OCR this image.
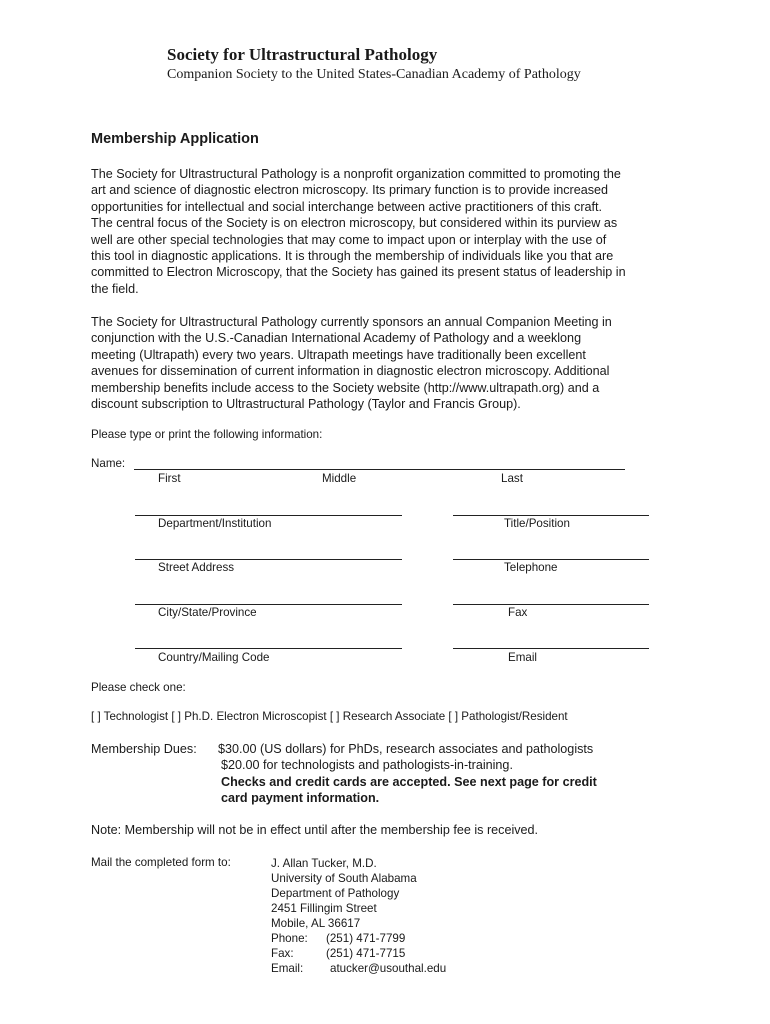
Society for Ultrastructural Pathology
Companion Society to the United States-Canadian Academy of Pathology
Membership Application
The Society for Ultrastructural Pathology is a nonprofit organization committed to promoting the
art and science of diagnostic electron microscopy. Its primary function is to provide increased
opportunities for intellectual and social interchange between active practitioners of this craft.
The central focus of the Society is on electron microscopy, but considered within its purview as
well are other special technologies that may come to impact upon or interplay with the use of
this tool in diagnostic applications. It is through the membership of individuals like you that are
committed to Electron Microscopy, that the Society has gained its present status of leadership in
the field.
The Society for Ultrastructural Pathology currently sponsors an annual Companion Meeting in
conjunction with the U.S.-Canadian International Academy of Pathology and a weeklong
meeting (Ultrapath) every two years. Ultrapath meetings have traditionally been excellent
avenues for dissemination of current information in diagnostic electron microscopy. Additional
membership benefits include access to the Society website (http://www.ultrapath.org) and a
discount subscription to Ultrastructural Pathology (Taylor and Francis Group).
Please type or print the following information:
Name:
First	Middle	Last
Department/Institution	Title/Position
Street Address	Telephone
City/State/Province	Fax
Country/Mailing Code	Email
Please check one:
[ ] Technologist [ ] Ph.D. Electron Microscopist [ ] Research Associate [ ] Pathologist/Resident
Membership Dues: $30.00 (US dollars) for PhDs, research associates and pathologists
$20.00 for technologists and pathologists-in-training.
Checks and credit cards are accepted. See next page for credit
card payment information.
Note: Membership will not be in effect until after the membership fee is received.
Mail the completed form to:	J. Allan Tucker, M.D.
University of South Alabama
Department of Pathology
2451 Fillingim Street
Mobile, AL 36617
Phone: (251) 471-7799
Fax:	(251) 471-7715
Email: atucker@usouthal.edu
